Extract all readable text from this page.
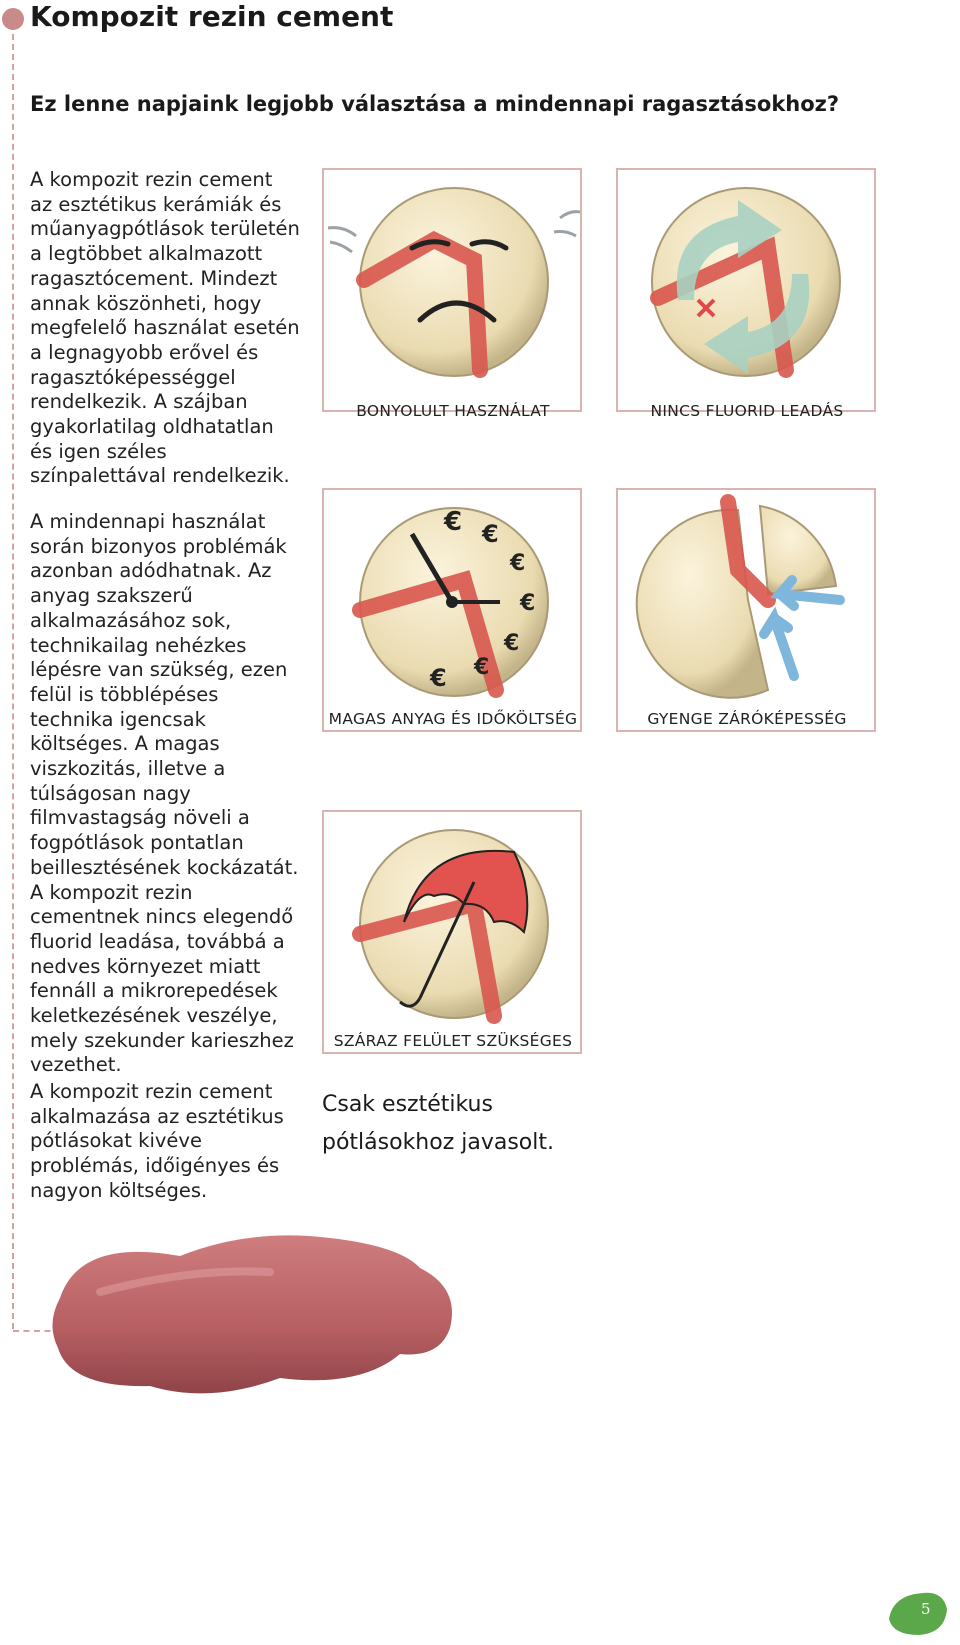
Kompozit rezin cement
Ez lenne napjaink legjobb választása a mindennapi ragasztásokhoz?

A kompozit rezin cement az esztétikus kerámiák és műanyagpótlások területén a legtöbbet alkalmazott ragasztócement. Mindezt annak köszönheti, hogy megfelelő használat esetén a legnagyobb erővel és ragasztóképességgel rendelkezik. A szájban gyakorlatilag oldhatatlan és igen széles színpalettával rendelkezik.

A mindennapi használat során bizonyos problémák azonban adódhatnak. Az anyag szakszerű alkalmazásához sok, technikailag nehézkes lépésre van szükség, ezen felül is többlépéses technika igencsak költséges. A magas viszkozitás, illetve a túlságosan nagy filmvastagság növeli a fogpótlások pontatlan beillesztésének kockázatát. A kompozit rezin cementnek nincs elegendő fluorid leadása, továbbá a nedves környezet miatt fennáll a mikrorepedések keletkezésének veszélye, mely szekunder karieszhez vezethet.

A kompozit rezin cement alkalmazása az esztétikus pótlásokat kivéve problémás, időigényes és nagyon költséges.

BONYOLULT HASZNÁLAT	NINCS FLUORID LEADÁS
€ €
€
€
€
€
€
MAGAS ANYAG ÉS IDŐKÖLTSÉG	GYENGE ZÁRÓKÉPESSÉG
SZÁRAZ FELÜLET SZÜKSÉGES

Csak esztétikus pótlásokhoz javasolt.

5
